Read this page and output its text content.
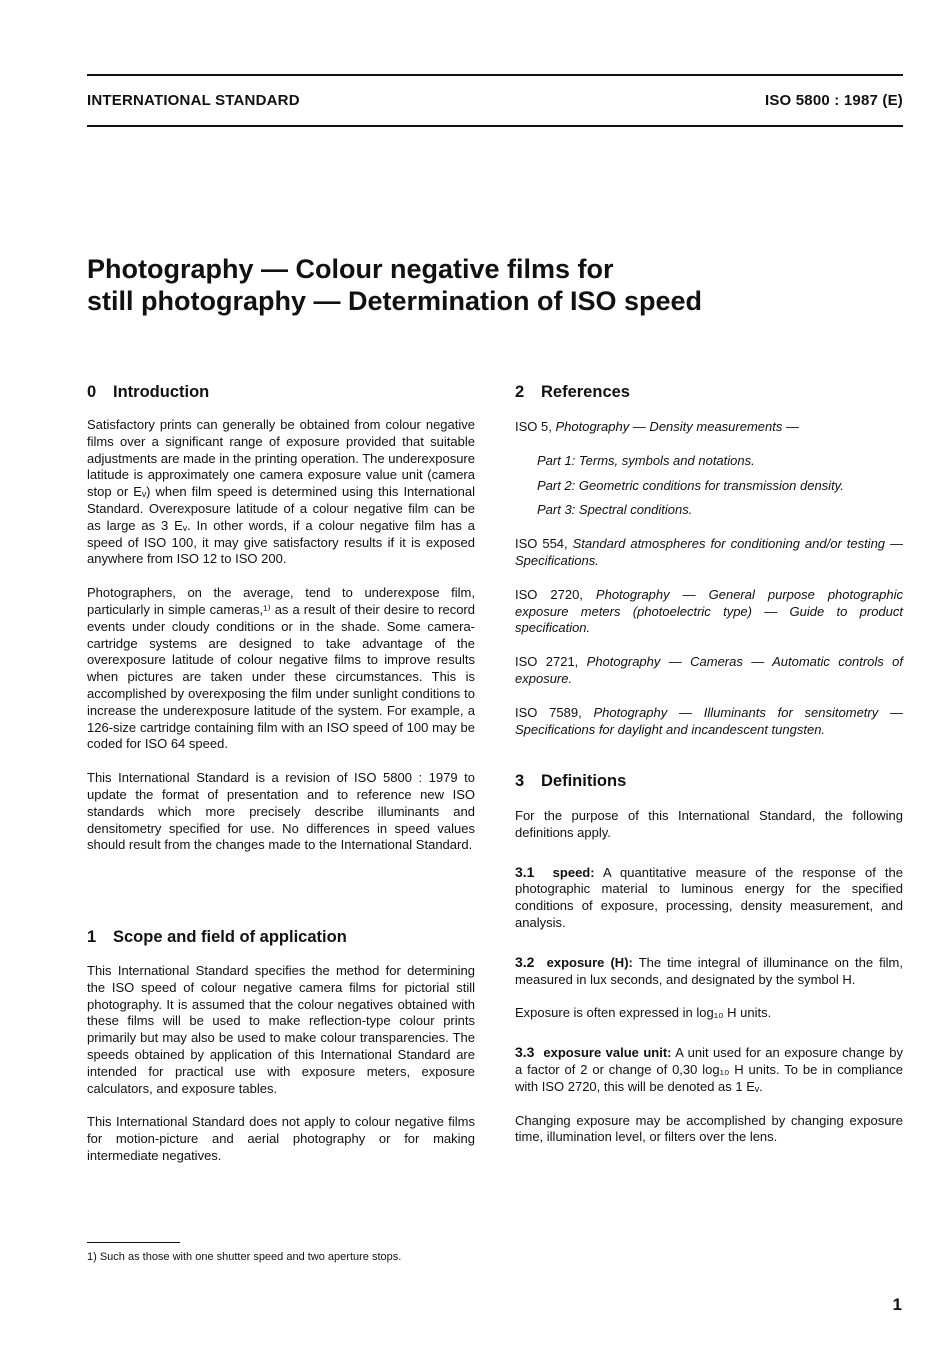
INTERNATIONAL STANDARD	ISO 5800 : 1987 (E)
Photography — Colour negative films for
still photography — Determination of ISO speed
0 Introduction

Satisfactory prints can generally be obtained from colour negative films over a significant range of exposure provided that suitable adjustments are made in the printing operation. The underexposure latitude is approximately one camera exposure value unit (camera stop or Eᵥ) when film speed is determined using this International Standard. Overexposure latitude of a colour negative film can be as large as 3 Eᵥ. In other words, if a colour negative film has a speed of ISO 100, it may give satisfactory results if it is exposed anywhere from ISO 12 to ISO 200.

Photographers, on the average, tend to underexpose film, particularly in simple cameras,¹⁾ as a result of their desire to record events under cloudy conditions or in the shade. Some camera-cartridge systems are designed to take advantage of the overexposure latitude of colour negative films to improve results when pictures are taken under these circumstances. This is accomplished by overexposing the film under sunlight conditions to increase the underexposure latitude of the system. For example, a 126-size cartridge containing film with an ISO speed of 100 may be coded for ISO 64 speed.

This International Standard is a revision of ISO 5800 : 1979 to update the format of presentation and to reference new ISO standards which more precisely describe illuminants and densitometry specified for use. No differences in speed values should result from the changes made to the International Standard.

1 Scope and field of application

This International Standard specifies the method for determining the ISO speed of colour negative camera films for pictorial still photography. It is assumed that the colour negatives obtained with these films will be used to make reflection-type colour prints primarily but may also be used to make colour transparencies. The speeds obtained by application of this International Standard are intended for practical use with exposure meters, exposure calculators, and exposure tables.

This International Standard does not apply to colour negative films for motion-picture and aerial photography or for making intermediate negatives.

1) Such as those with one shutter speed and two aperture stops.
2 References

ISO 5, Photography — Density measurements —

Part 1: Terms, symbols and notations.

Part 2: Geometric conditions for transmission density.

Part 3: Spectral conditions.

ISO 554, Standard atmospheres for conditioning and/or testing — Specifications.

ISO 2720, Photography — General purpose photographic exposure meters (photoelectric type) — Guide to product specification.

ISO 2721, Photography — Cameras — Automatic controls of exposure.

ISO 7589, Photography — Illuminants for sensitometry — Specifications for daylight and incandescent tungsten.

3 Definitions

For the purpose of this International Standard, the following definitions apply.

3.1 speed: A quantitative measure of the response of the photographic material to luminous energy for the specified conditions of exposure, processing, density measurement, and analysis.

3.2 exposure (H): The time integral of illuminance on the film, measured in lux seconds, and designated by the symbol H.

Exposure is often expressed in log₁₀ H units.

3.3 exposure value unit: A unit used for an exposure change by a factor of 2 or change of 0,30 log₁₀ H units. To be in compliance with ISO 2720, this will be denoted as 1 Eᵥ.

Changing exposure may be accomplished by changing exposure time, illumination level, or filters over the lens.

1
